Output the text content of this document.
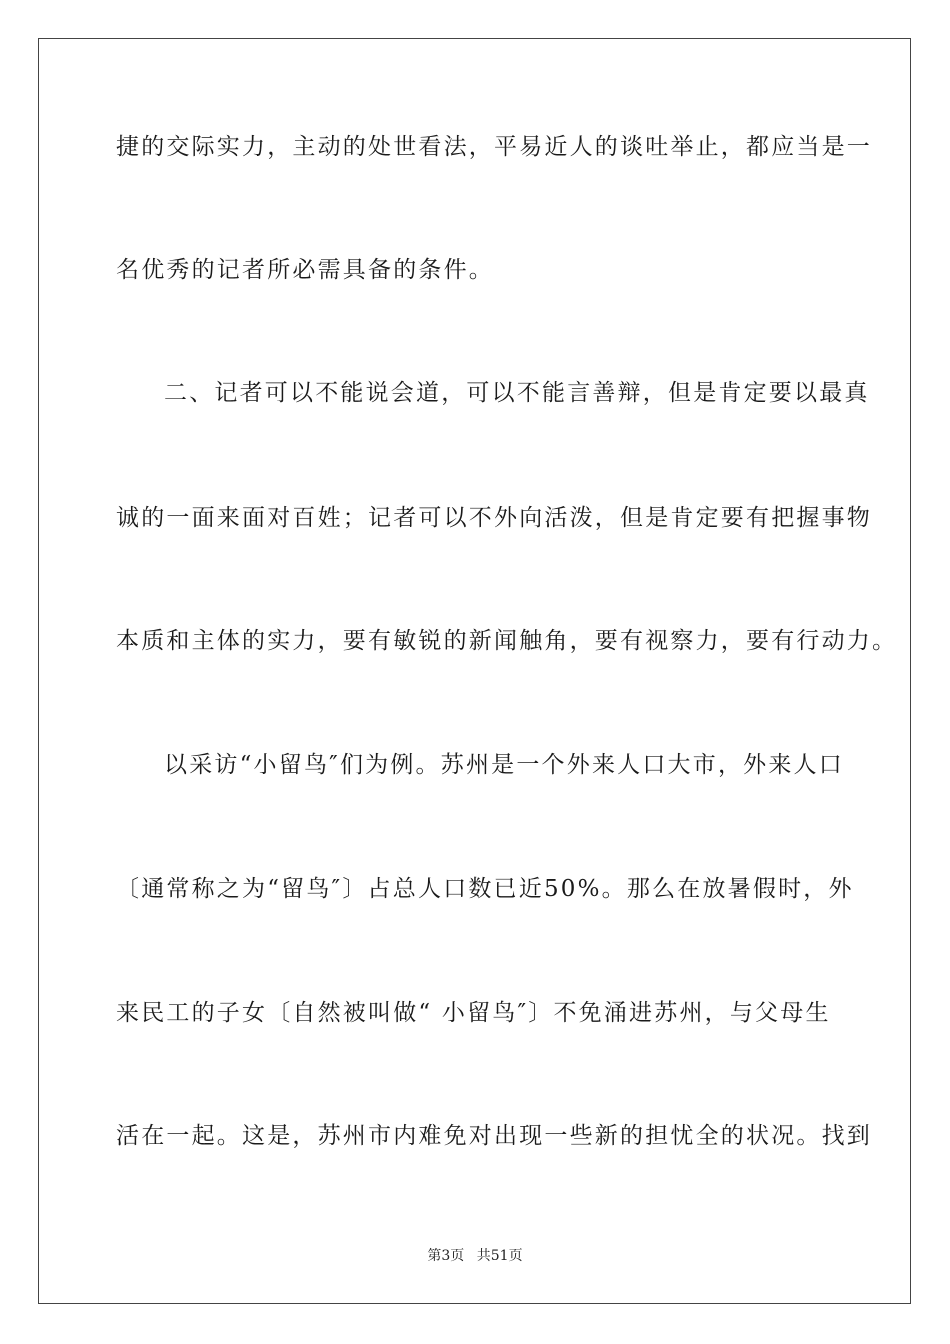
捷的交际实力，主动的处世看法，平易近人的谈吐举止，都应当是一
名优秀的记者所必需具备的条件。
二、记者可以不能说会道，可以不能言善辩，但是肯定要以最真
诚的一面来面对百姓；记者可以不外向活泼，但是肯定要有把握事物
本质和主体的实力，要有敏锐的新闻触角，要有视察力，要有行动力。
以采访“小留鸟″们为例。苏州是一个外来人口大市，外来人口
〔通常称之为“留鸟″〕占总人口数已近50%。那么在放暑假时，外
来民工的子女〔自然被叫做“ 小留鸟″〕不免涌进苏州，与父母生
活在一起。这是，苏州市内难免对出现一些新的担忧全的状况。找到
第3页 共51页
